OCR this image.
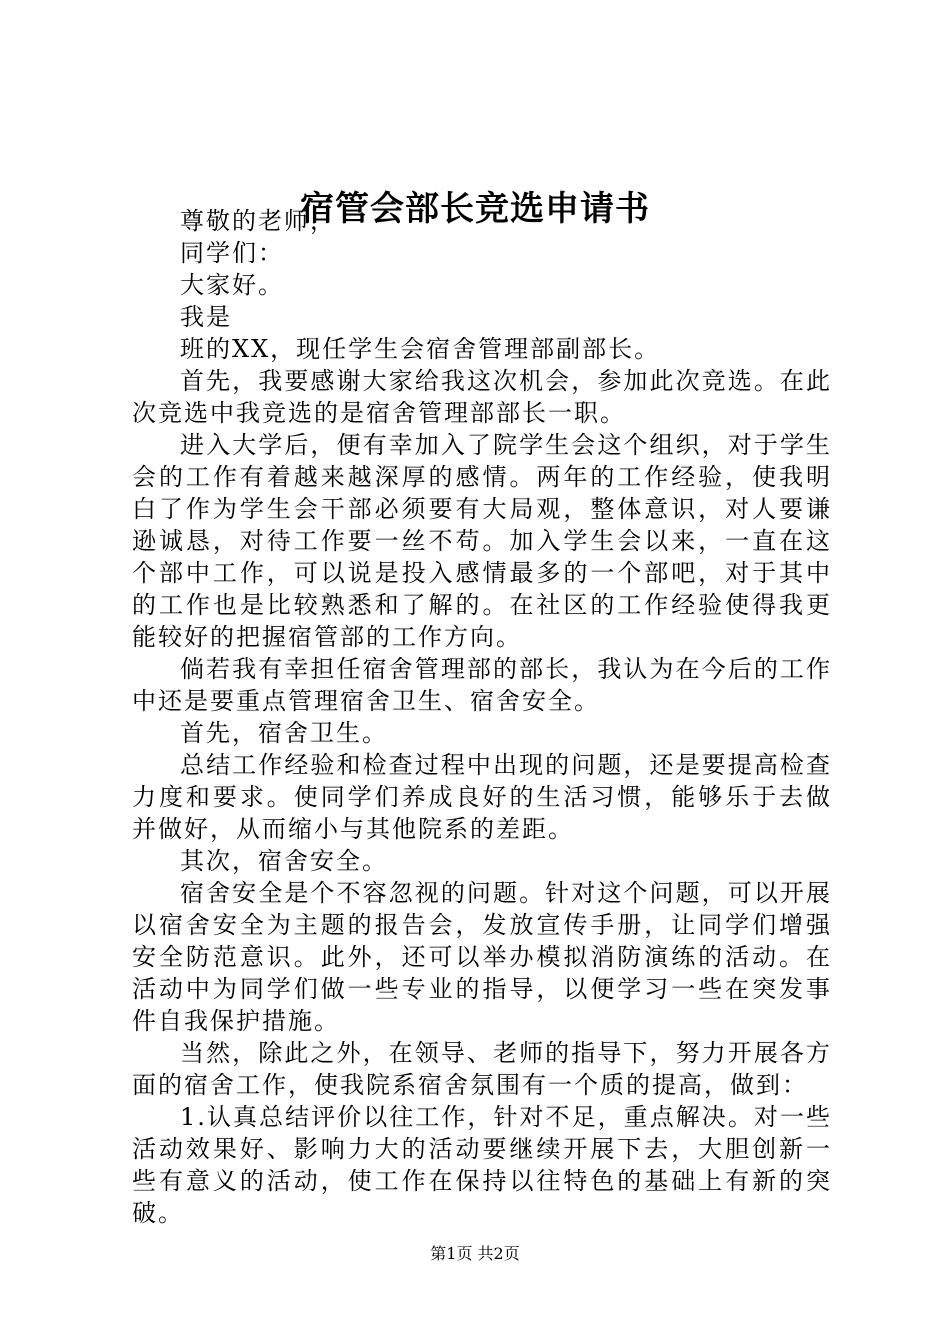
宿管会部长竞选申请书

尊敬的老师，

同学们：

大家好。

我是

班的XX，现任学生会宿舍管理部副部长。

首先，我要感谢大家给我这次机会，参加此次竞选。在此次竞选中我竞选的是宿舍管理部部长一职。

进入大学后，便有幸加入了院学生会这个组织，对于学生会的工作有着越来越深厚的感情。两年的工作经验，使我明白了作为学生会干部必须要有大局观，整体意识，对人要谦逊诚恳，对待工作要一丝不苟。加入学生会以来，一直在这个部中工作，可以说是投入感情最多的一个部吧，对于其中的工作也是比较熟悉和了解的。在社区的工作经验使得我更能较好的把握宿管部的工作方向。

倘若我有幸担任宿舍管理部的部长，我认为在今后的工作中还是要重点管理宿舍卫生、宿舍安全。

首先，宿舍卫生。

总结工作经验和检查过程中出现的问题，还是要提高检查力度和要求。使同学们养成良好的生活习惯，能够乐于去做并做好，从而缩小与其他院系的差距。

其次，宿舍安全。

宿舍安全是个不容忽视的问题。针对这个问题，可以开展以宿舍安全为主题的报告会，发放宣传手册，让同学们增强安全防范意识。此外，还可以举办模拟消防演练的活动。在活动中为同学们做一些专业的指导，以便学习一些在突发事件自我保护措施。

当然，除此之外，在领导、老师的指导下，努力开展各方面的宿舍工作，使我院系宿舍氛围有一个质的提高，做到：

1.认真总结评价以往工作，针对不足，重点解决。对一些活动效果好、影响力大的活动要继续开展下去，大胆创新一些有意义的活动，使工作在保持以往特色的基础上有新的突破。

第1页 共2页
